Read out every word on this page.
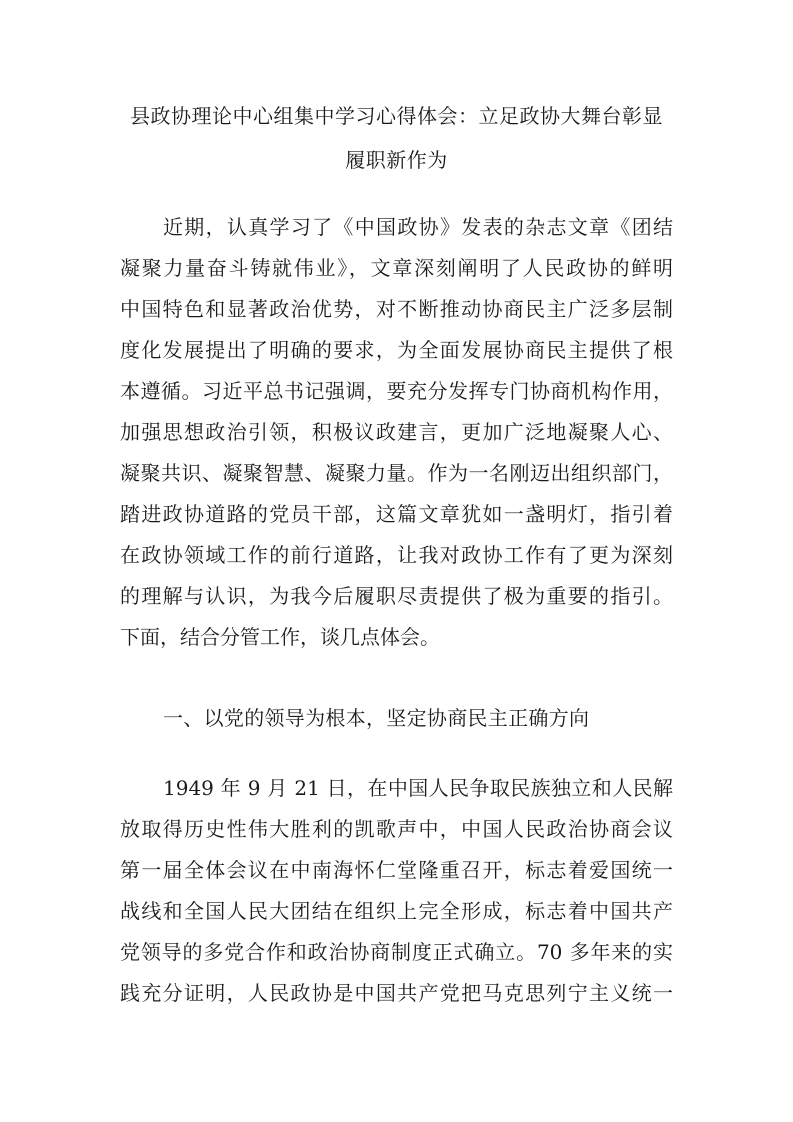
县政协理论中心组集中学习心得体会：立足政协大舞台彰显
履职新作为
近期，认真学习了《中国政协》发表的杂志文章《团结
凝聚力量奋斗铸就伟业》，文章深刻阐明了人民政协的鲜明
中国特色和显著政治优势，对不断推动协商民主广泛多层制
度化发展提出了明确的要求，为全面发展协商民主提供了根
本遵循。习近平总书记强调，要充分发挥专门协商机构作用，
加强思想政治引领，积极议政建言，更加广泛地凝聚人心、
凝聚共识、凝聚智慧、凝聚力量。作为一名刚迈出组织部门，
踏进政协道路的党员干部，这篇文章犹如一盏明灯，指引着
在政协领域工作的前行道路，让我对政协工作有了更为深刻
的理解与认识，为我今后履职尽责提供了极为重要的指引。
下面，结合分管工作，谈几点体会。
一、以党的领导为根本，坚定协商民主正确方向
1949 年 9 月 21 日，在中国人民争取民族独立和人民解
放取得历史性伟大胜利的凯歌声中，中国人民政治协商会议
第一届全体会议在中南海怀仁堂隆重召开，标志着爱国统一
战线和全国人民大团结在组织上完全形成，标志着中国共产
党领导的多党合作和政治协商制度正式确立。70 多年来的实
践充分证明，人民政协是中国共产党把马克思列宁主义统一
